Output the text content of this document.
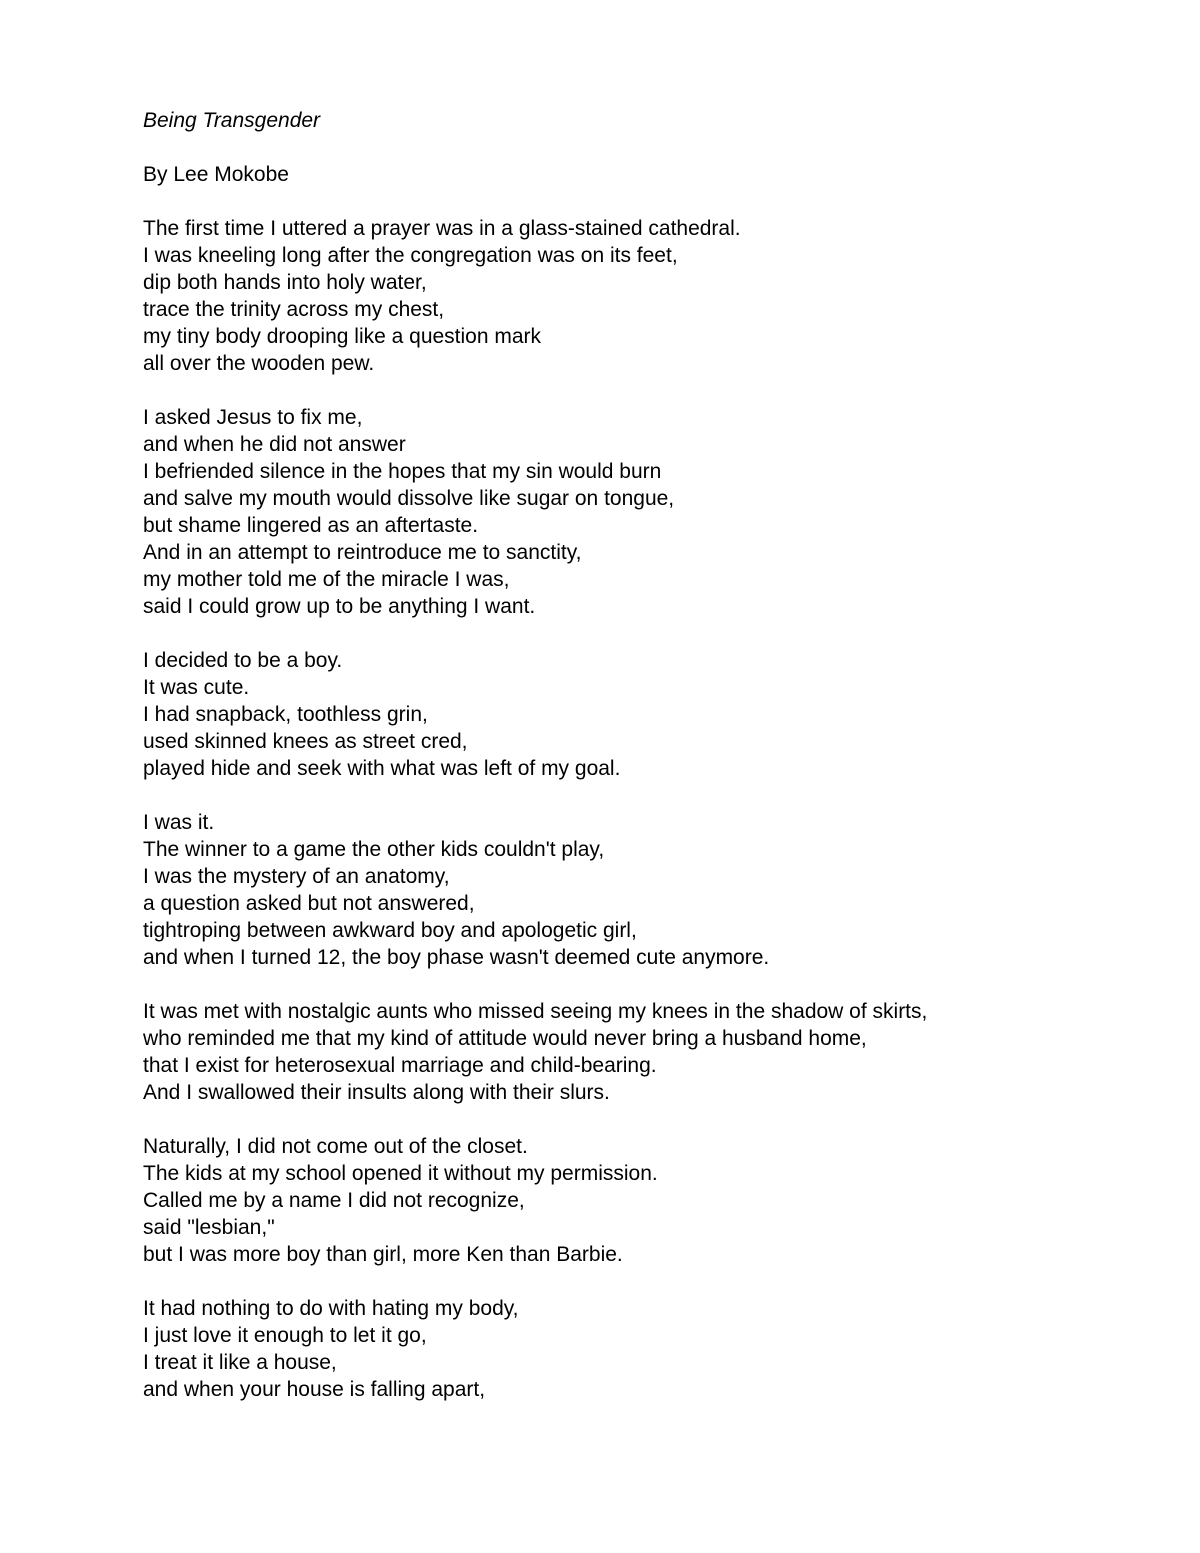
Being Transgender

By Lee Mokobe

The first time I uttered a prayer was in a glass-stained cathedral.
I was kneeling long after the congregation was on its feet,
dip both hands into holy water,
trace the trinity across my chest,
my tiny body drooping like a question mark
all over the wooden pew.
I asked Jesus to fix me,
and when he did not answer
I befriended silence in the hopes that my sin would burn
and salve my mouth would dissolve like sugar on tongue,
but shame lingered as an aftertaste.
And in an attempt to reintroduce me to sanctity,
my mother told me of the miracle I was,
said I could grow up to be anything I want.
I decided to be a boy.
It was cute.
I had snapback, toothless grin,
used skinned knees as street cred,
played hide and seek with what was left of my goal.
I was it.
The winner to a game the other kids couldn't play,
I was the mystery of an anatomy,
a question asked but not answered,
tightroping between awkward boy and apologetic girl,
and when I turned 12, the boy phase wasn't deemed cute anymore.
It was met with nostalgic aunts who missed seeing my knees in the shadow of skirts,
who reminded me that my kind of attitude would never bring a husband home,
that I exist for heterosexual marriage and child-bearing.
And I swallowed their insults along with their slurs.
Naturally, I did not come out of the closet.
The kids at my school opened it without my permission.
Called me by a name I did not recognize,
said "lesbian,"
but I was more boy than girl, more Ken than Barbie.
It had nothing to do with hating my body,
I just love it enough to let it go,
I treat it like a house,
and when your house is falling apart,
